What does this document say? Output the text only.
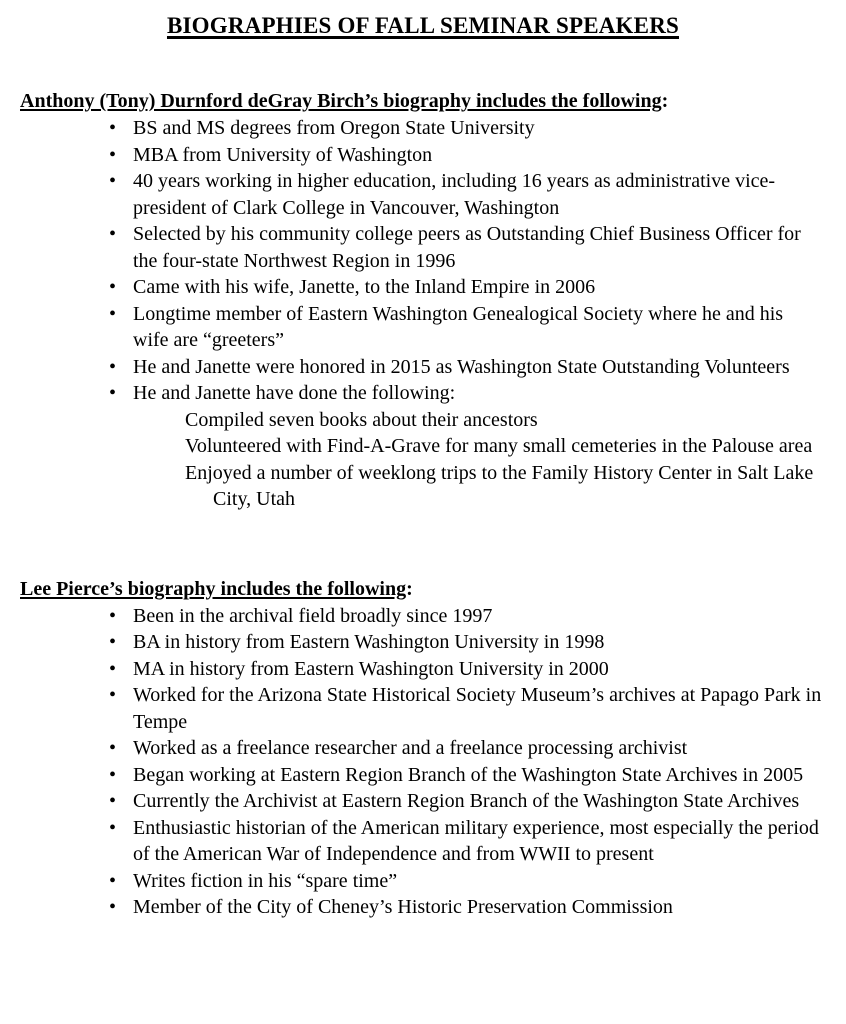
BIOGRAPHIES OF FALL SEMINAR SPEAKERS
Anthony (Tony) Durnford deGray Birch’s biography includes the following:
• BS and MS degrees from Oregon State University
• MBA from University of Washington
• 40 years working in higher education, including 16 years as administrative vice-president of Clark College in Vancouver, Washington
• Selected by his community college peers as Outstanding Chief Business Officer for the four-state Northwest Region in 1996
• Came with his wife, Janette, to the Inland Empire in 2006
• Longtime member of Eastern Washington Genealogical Society where he and his wife are “greeters”
• He and Janette were honored in 2015 as Washington State Outstanding Volunteers
• He and Janette have done the following:
Compiled seven books about their ancestors
Volunteered with Find-A-Grave for many small cemeteries in the Palouse area
Enjoyed a number of weeklong trips to the Family History Center in Salt Lake City, Utah
Lee Pierce’s biography includes the following:
• Been in the archival field broadly since 1997
• BA in history from Eastern Washington University in 1998
• MA in history from Eastern Washington University in 2000
• Worked for the Arizona State Historical Society Museum’s archives at Papago Park in Tempe
• Worked as a freelance researcher and a freelance processing archivist
• Began working at Eastern Region Branch of the Washington State Archives in 2005
• Currently the Archivist at Eastern Region Branch of the Washington State Archives
• Enthusiastic historian of the American military experience, most especially the period of the American War of Independence and from WWII to present
• Writes fiction in his “spare time”
• Member of the City of Cheney’s Historic Preservation Commission
